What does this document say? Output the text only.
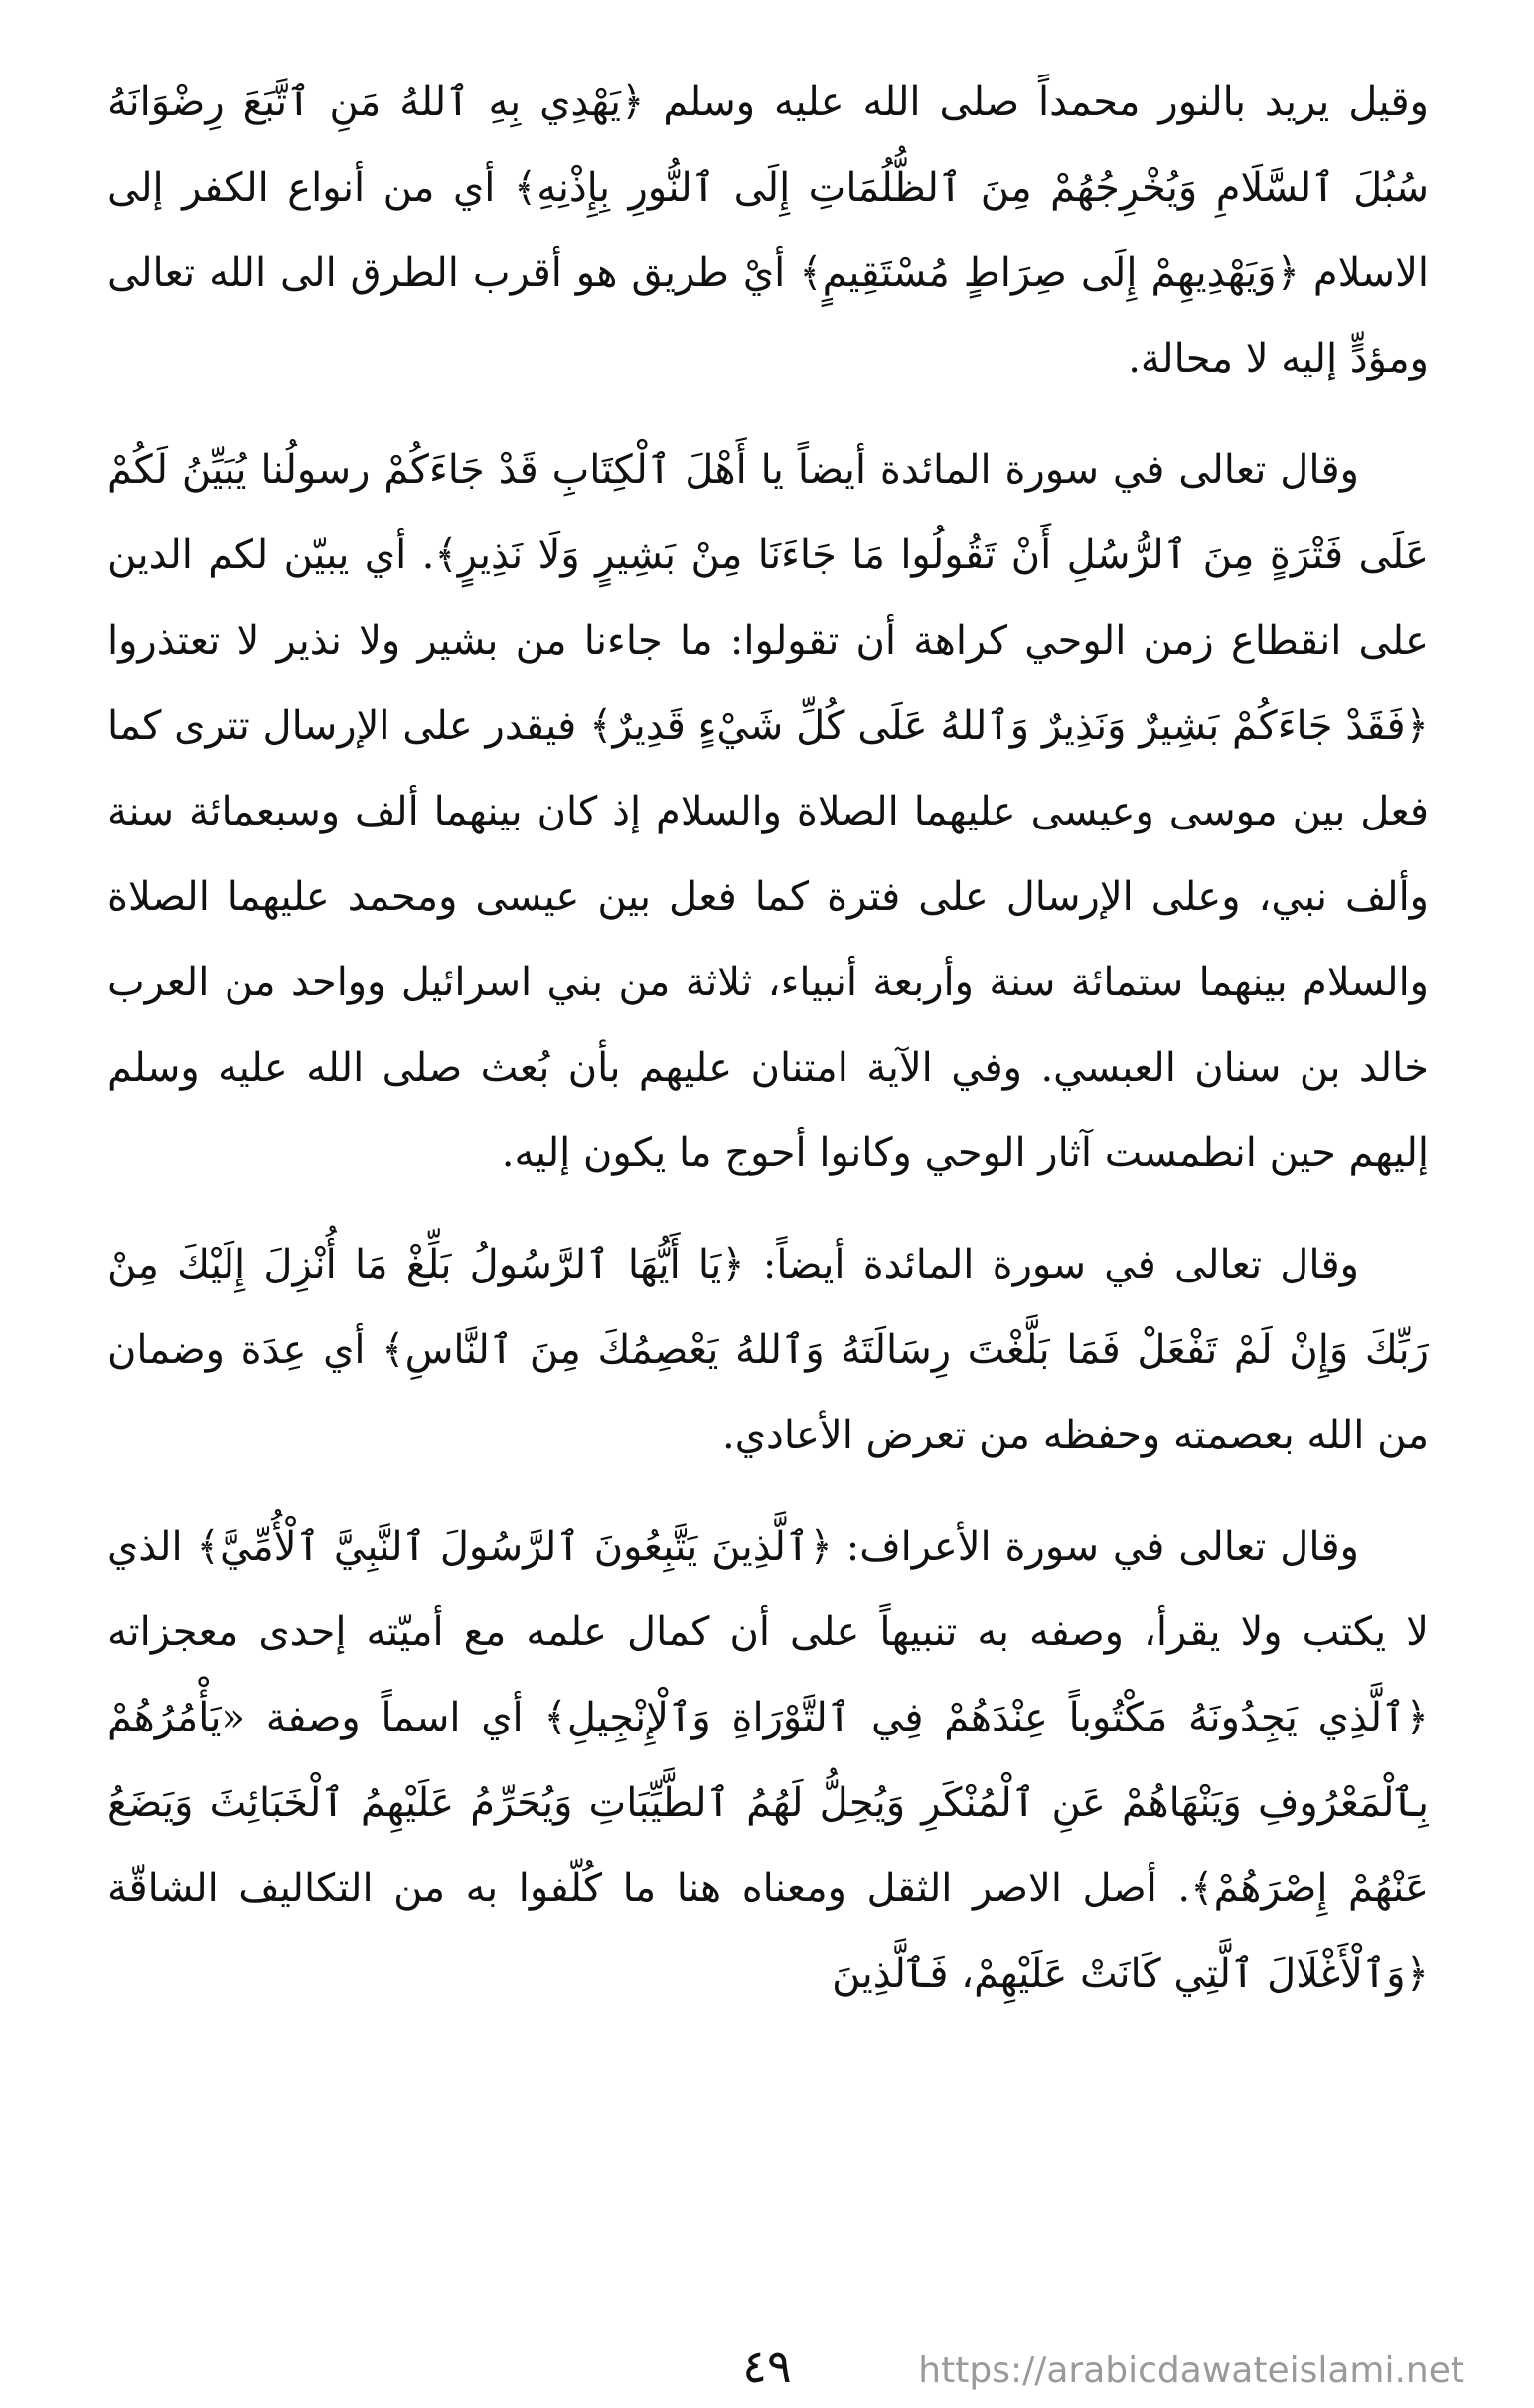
وقيل يريد بالنور محمداً صلى الله عليه وسلم ﴿يَهْدِي بِهِ ٱللهُ مَنِ ٱتَّبَعَ رِضْوَانَهُ سُبُلَ ٱلسَّلَامِ وَيُخْرِجُهُمْ مِنَ ٱلظُّلُمَاتِ إِلَى ٱلنُّورِ بِإِذْنِهِ﴾ أي من أنواع الكفر إلى الاسلام ﴿وَيَهْدِيهِمْ إِلَى صِرَاطٍ مُسْتَقِيمٍ﴾ أيْ طريق هو أقرب الطرق الى الله تعالى ومؤدٍّ إليه لا محالة.

وقال تعالى في سورة المائدة أيضاً يا أَهْلَ ٱلْكِتَابِ قَدْ جَاءَكُمْ رسولُنا يُبَيِّنُ لَكُمْ عَلَى فَتْرَةٍ مِنَ ٱلرُّسُلِ أَنْ تَقُولُوا مَا جَاءَنَا مِنْ بَشِيرٍ وَلَا نَذِيرٍ﴾. أي يبيّن لكم الدين على انقطاع زمن الوحي كراهة أن تقولوا: ما جاءنا من بشير ولا نذير لا تعتذروا ﴿فَقَدْ جَاءَكُمْ بَشِيرٌ وَنَذِيرٌ وَٱللهُ عَلَى كُلِّ شَيْءٍ قَدِيرٌ﴾ فيقدر على الإرسال تترى كما فعل بين موسى وعيسى عليهما الصلاة والسلام إذ كان بينهما ألف وسبعمائة سنة وألف نبي، وعلى الإرسال على فترة كما فعل بين عيسى ومحمد عليهما الصلاة والسلام بينهما ستمائة سنة وأربعة أنبياء، ثلاثة من بني اسرائيل وواحد من العرب خالد بن سنان العبسي. وفي الآية امتنان عليهم بأن بُعث صلى الله عليه وسلم إليهم حين انطمست آثار الوحي وكانوا أحوج ما يكون إليه.

وقال تعالى في سورة المائدة أيضاً: ﴿يَا أَيُّهَا ٱلرَّسُولُ بَلِّغْ مَا أُنْزِلَ إِلَيْكَ مِنْ رَبِّكَ وَإِنْ لَمْ تَفْعَلْ فَمَا بَلَّغْتَ رِسَالَتَهُ وَٱللهُ يَعْصِمُكَ مِنَ ٱلنَّاسِ﴾ أي عِدَة وضمان من الله بعصمته وحفظه من تعرض الأعادي.

وقال تعالى في سورة الأعراف: ﴿ٱلَّذِينَ يَتَّبِعُونَ ٱلرَّسُولَ ٱلنَّبِيَّ ٱلْأُمِّيَّ﴾ الذي لا يكتب ولا يقرأ، وصفه به تنبيهاً على أن كمال علمه مع أميّته إحدى معجزاته ﴿ٱلَّذِي يَجِدُونَهُ مَكْتُوباً عِنْدَهُمْ فِي ٱلتَّوْرَاةِ وَٱلْإِنْجِيلِ﴾ أي اسماً وصفة «يَأْمُرُهُمْ بِٱلْمَعْرُوفِ وَيَنْهَاهُمْ عَنِ ٱلْمُنْكَرِ وَيُحِلُّ لَهُمُ ٱلطَّيِّبَاتِ وَيُحَرِّمُ عَلَيْهِمُ ٱلْخَبَائِثَ وَيَضَعُ عَنْهُمْ إِصْرَهُمْ﴾. أصل الاصر الثقل ومعناه هنا ما كُلّفوا به من التكاليف الشاقّة ﴿وَٱلْأَغْلَالَ ٱلَّتِي كَانَتْ عَلَيْهِمْ، فَٱلَّذِينَ

٤٩	https://arabicdawateislami.net
